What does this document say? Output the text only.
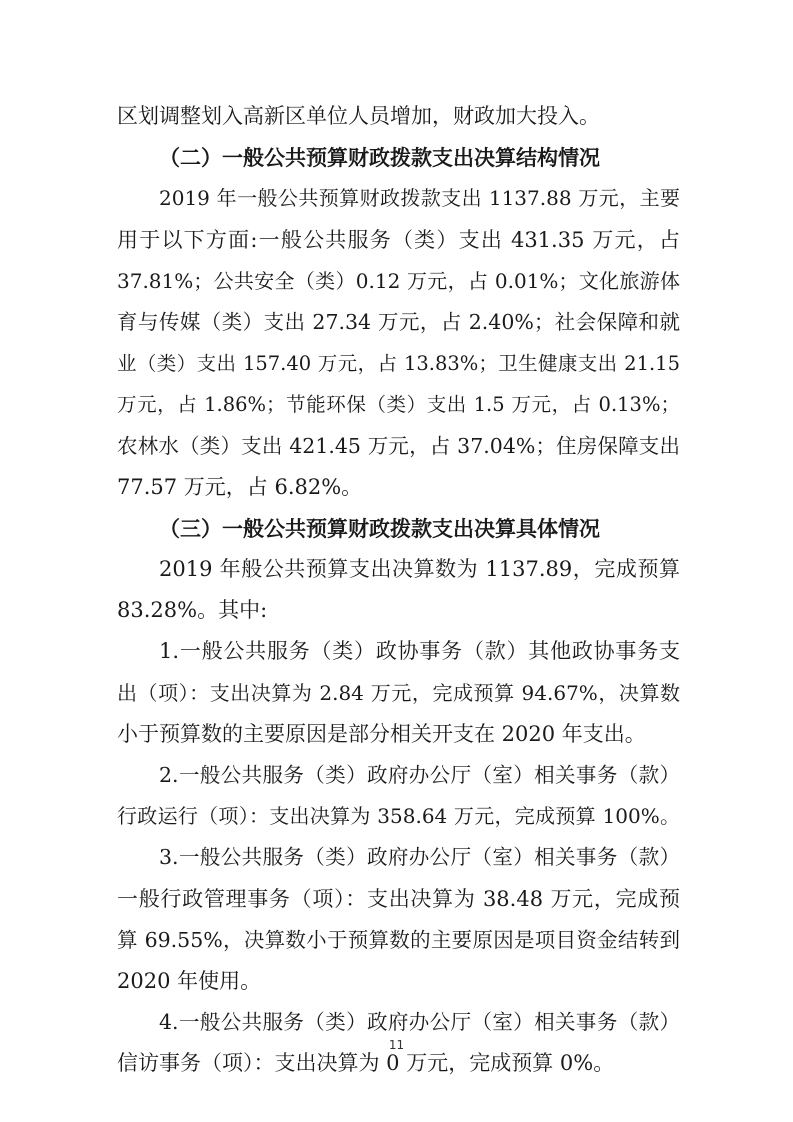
区划调整划入高新区单位人员增加，财政加大投入。
（二）一般公共预算财政拨款支出决算结构情况
2019 年一般公共预算财政拨款支出 1137.88 万元，主要
用于以下方面:一般公共服务（类）支出 431.35 万元，占
37.81%；公共安全（类）0.12 万元，占 0.01%；文化旅游体
育与传媒（类）支出 27.34 万元，占 2.40%；社会保障和就
业（类）支出 157.40 万元，占 13.83%；卫生健康支出 21.15
万元，占 1.86%；节能环保（类）支出 1.5 万元，占 0.13%；
农林水（类）支出 421.45 万元，占 37.04%；住房保障支出
77.57 万元，占 6.82%。
（三）一般公共预算财政拨款支出决算具体情况
2019 年般公共预算支出决算数为 1137.89，完成预算
83.28%。其中:
1.一般公共服务（类）政协事务（款）其他政协事务支
出（项）：支出决算为 2.84 万元，完成预算 94.67%，决算数
小于预算数的主要原因是部分相关开支在 2020 年支出。
2.一般公共服务（类）政府办公厅（室）相关事务（款）
行政运行（项）：支出决算为 358.64 万元，完成预算 100%。
3.一般公共服务（类）政府办公厅（室）相关事务（款）
一般行政管理事务（项）：支出决算为 38.48 万元，完成预
算 69.55%，决算数小于预算数的主要原因是项目资金结转到
2020 年使用。
4.一般公共服务（类）政府办公厅（室）相关事务（款）
信访事务（项）：支出决算为 0 万元，完成预算 0%。
11
